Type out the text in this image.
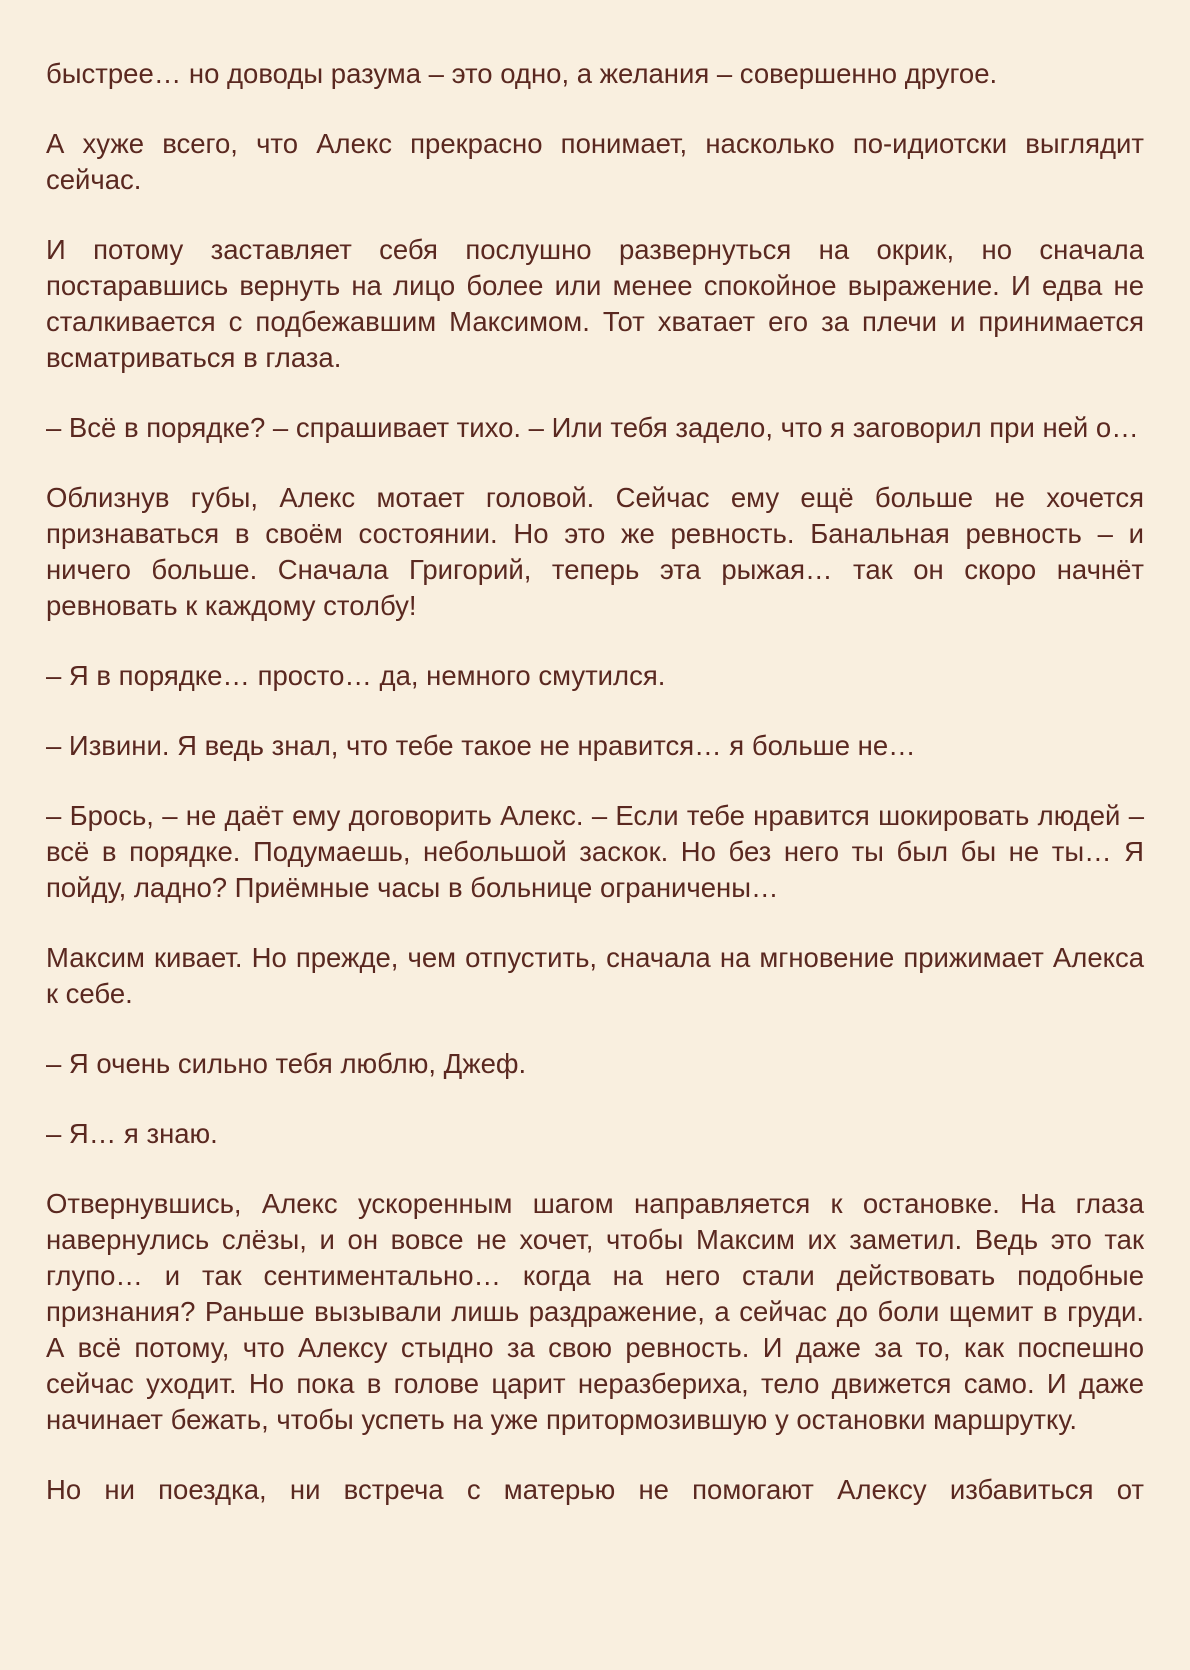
быстрее… но доводы разума – это одно, а желания – совершенно другое.

А хуже всего, что Алекс прекрасно понимает, насколько по-идиотски выглядит сейчас.

И потому заставляет себя послушно развернуться на окрик, но сначала постаравшись вернуть на лицо более или менее спокойное выражение. И едва не сталкивается с подбежавшим Максимом. Тот хватает его за плечи и принимается всматриваться в глаза.

– Всё в порядке? – спрашивает тихо. – Или тебя задело, что я заговорил при ней о…

Облизнув губы, Алекс мотает головой. Сейчас ему ещё больше не хочется признаваться в своём состоянии. Но это же ревность. Банальная ревность – и ничего больше. Сначала Григорий, теперь эта рыжая… так он скоро начнёт ревновать к каждому столбу!

– Я в порядке… просто… да, немного смутился.

– Извини. Я ведь знал, что тебе такое не нравится… я больше не…

– Брось, – не даёт ему договорить Алекс. – Если тебе нравится шокировать людей – всё в порядке. Подумаешь, небольшой заскок. Но без него ты был бы не ты… Я пойду, ладно? Приёмные часы в больнице ограничены…

Максим кивает. Но прежде, чем отпустить, сначала на мгновение прижимает Алекса к себе.

– Я очень сильно тебя люблю, Джеф.

– Я… я знаю.

Отвернувшись, Алекс ускоренным шагом направляется к остановке. На глаза навернулись слёзы, и он вовсе не хочет, чтобы Максим их заметил. Ведь это так глупо… и так сентиментально… когда на него стали действовать подобные признания? Раньше вызывали лишь раздражение, а сейчас до боли щемит в груди. А всё потому, что Алексу стыдно за свою ревность. И даже за то, как поспешно сейчас уходит. Но пока в голове царит неразбериха, тело движется само. И даже начинает бежать, чтобы успеть на уже притормозившую у остановки маршрутку.

Но ни поездка, ни встреча с матерью не помогают Алексу избавиться от
